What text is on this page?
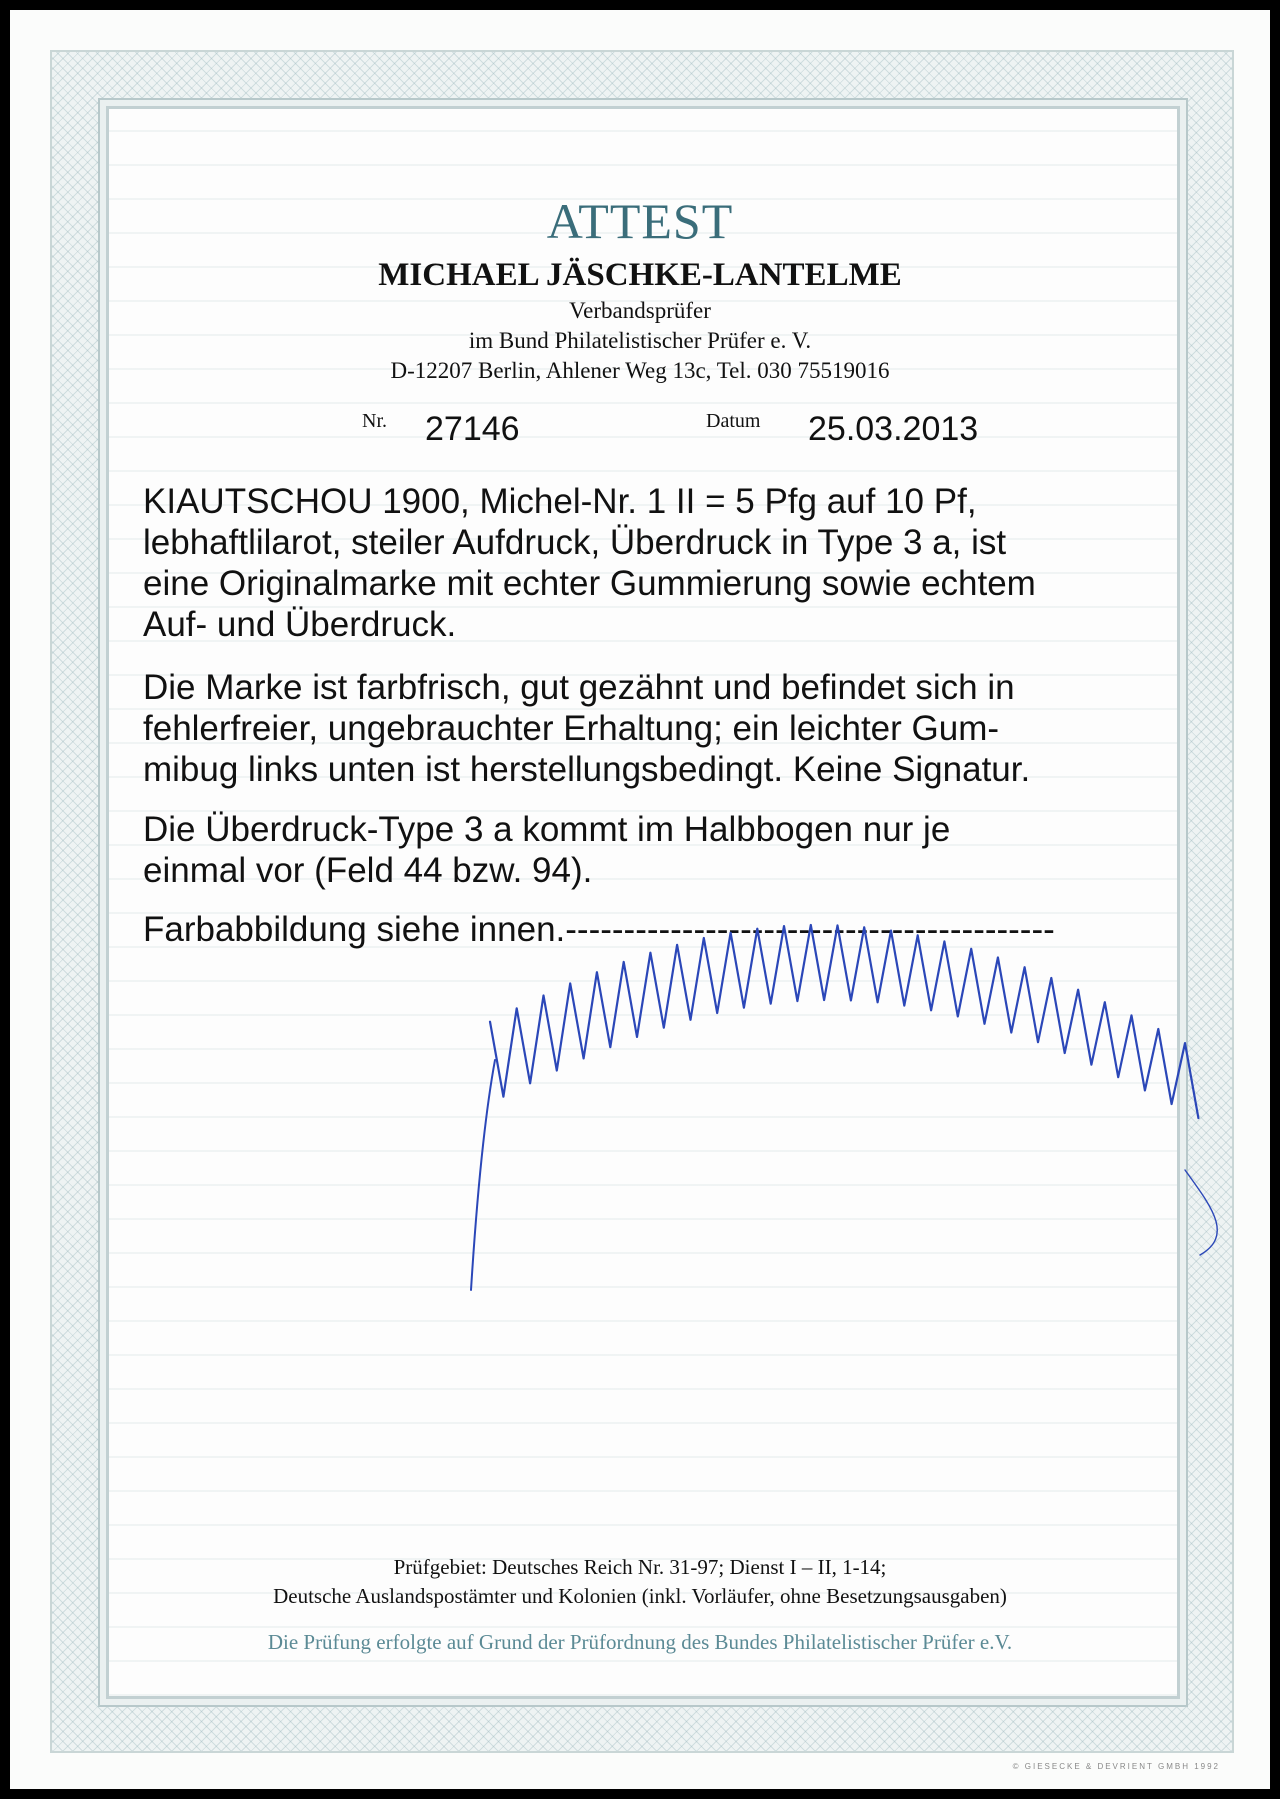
ATTEST
MICHAEL JÄSCHKE-LANTELME
Verbandsprüfer
im Bund Philatelistischer Prüfer e. V.
D-12207 Berlin, Ahlener Weg 13c, Tel. 030 75519016
Nr. 27146	Datum 25.03.2013

KIAUTSCHOU 1900, Michel-Nr. 1 II = 5 Pfg auf 10 Pf,
lebhaftlilarot, steiler Aufdruck, Überdruck in Type 3 a, ist
eine Originalmarke mit echter Gummierung sowie echtem
Auf- und Überdruck.

Die Marke ist farbfrisch, gut gezähnt und befindet sich in
fehlerfreier, ungebrauchter Erhaltung; ein leichter Gum-
mibug links unten ist herstellungsbedingt. Keine Signatur.

Die Überdruck-Type 3 a kommt im Halbbogen nur je
einmal vor (Feld 44 bzw. 94).

Farbabbildung siehe innen.------------------------------------------

Prüfgebiet: Deutsches Reich Nr. 31-97; Dienst I – II, 1-14;
Deutsche Auslandspostämter und Kolonien (inkl. Vorläufer, ohne Besetzungsausgaben)
Die Prüfung erfolgte auf Grund der Prüfordnung des Bundes Philatelistischer Prüfer e.V.
© GIESECKE & DEVRIENT GMBH 1992
